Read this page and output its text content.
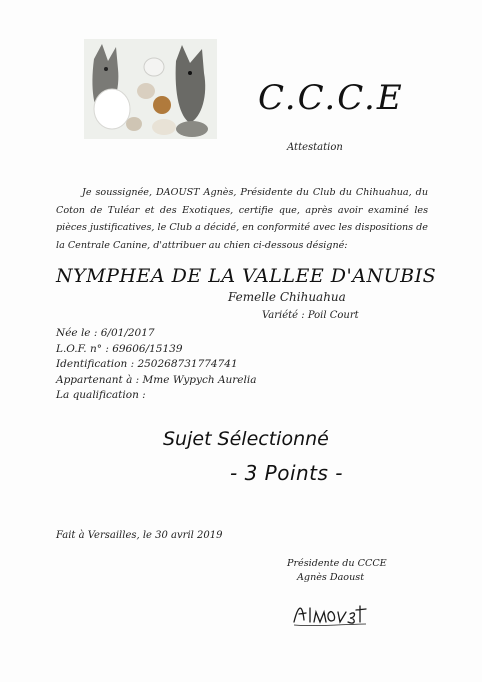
C.C.C.E
Attestation

Je soussignée, DAOUST Agnès, Présidente du Club du Chihuahua, du Coton de Tuléar et des Exotiques, certifie que, après avoir examiné les pièces justificatives, le Club a décidé, en conformité avec les dispositions de la Centrale Canine, d'attribuer au chien ci-dessous désigné:

NYMPHEA DE LA VALLEE D'ANUBIS
Femelle Chihuahua
Variété : Poil Court
Née le : 6/01/2017
L.O.F. n° : 69606/15139
Identification : 250268731774741
Appartenant à : Mme Wypych Aurelia
La qualification :
Sujet Sélectionné
- 3 Points -
Fait à Versailles, le 30 avril 2019
Présidente du CCCE
Agnès Daoust
